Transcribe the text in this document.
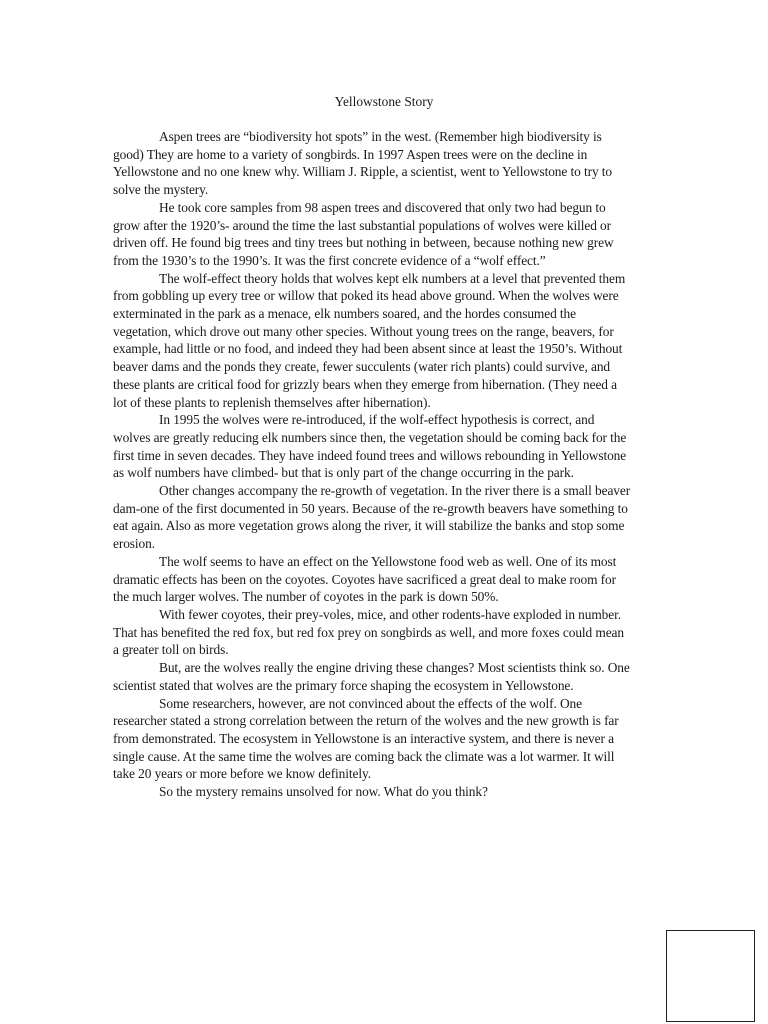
Yellowstone Story

Aspen trees are “biodiversity hot spots” in the west. (Remember high biodiversity is good) They are home to a variety of songbirds. In 1997 Aspen trees were on the decline in Yellowstone and no one knew why. William J. Ripple, a scientist, went to Yellowstone to try to solve the mystery.

He took core samples from 98 aspen trees and discovered that only two had begun to grow after the 1920’s- around the time the last substantial populations of wolves were killed or driven off. He found big trees and tiny trees but nothing in between, because nothing new grew from the 1930’s to the 1990’s. It was the first concrete evidence of a “wolf effect.”

The wolf-effect theory holds that wolves kept elk numbers at a level that prevented them from gobbling up every tree or willow that poked its head above ground. When the wolves were exterminated in the park as a menace, elk numbers soared, and the hordes consumed the vegetation, which drove out many other species. Without young trees on the range, beavers, for example, had little or no food, and indeed they had been absent since at least the 1950’s. Without beaver dams and the ponds they create, fewer succulents (water rich plants) could survive, and these plants are critical food for grizzly bears when they emerge from hibernation. (They need a lot of these plants to replenish themselves after hibernation).

In 1995 the wolves were re-introduced, if the wolf-effect hypothesis is correct, and wolves are greatly reducing elk numbers since then, the vegetation should be coming back for the first time in seven decades. They have indeed found trees and willows rebounding in Yellowstone as wolf numbers have climbed- but that is only part of the change occurring in the park.

Other changes accompany the re-growth of vegetation. In the river there is a small beaver dam-one of the first documented in 50 years. Because of the re-growth beavers have something to eat again. Also as more vegetation grows along the river, it will stabilize the banks and stop some erosion.

The wolf seems to have an effect on the Yellowstone food web as well. One of its most dramatic effects has been on the coyotes. Coyotes have sacrificed a great deal to make room for the much larger wolves. The number of coyotes in the park is down 50%.

With fewer coyotes, their prey-voles, mice, and other rodents-have exploded in number. That has benefited the red fox, but red fox prey on songbirds as well, and more foxes could mean a greater toll on birds.

But, are the wolves really the engine driving these changes? Most scientists think so. One scientist stated that wolves are the primary force shaping the ecosystem in Yellowstone.

Some researchers, however, are not convinced about the effects of the wolf. One researcher stated a strong correlation between the return of the wolves and the new growth is far from demonstrated. The ecosystem in Yellowstone is an interactive system, and there is never a single cause. At the same time the wolves are coming back the climate was a lot warmer. It will take 20 years or more before we know definitely.

So the mystery remains unsolved for now. What do you think?
